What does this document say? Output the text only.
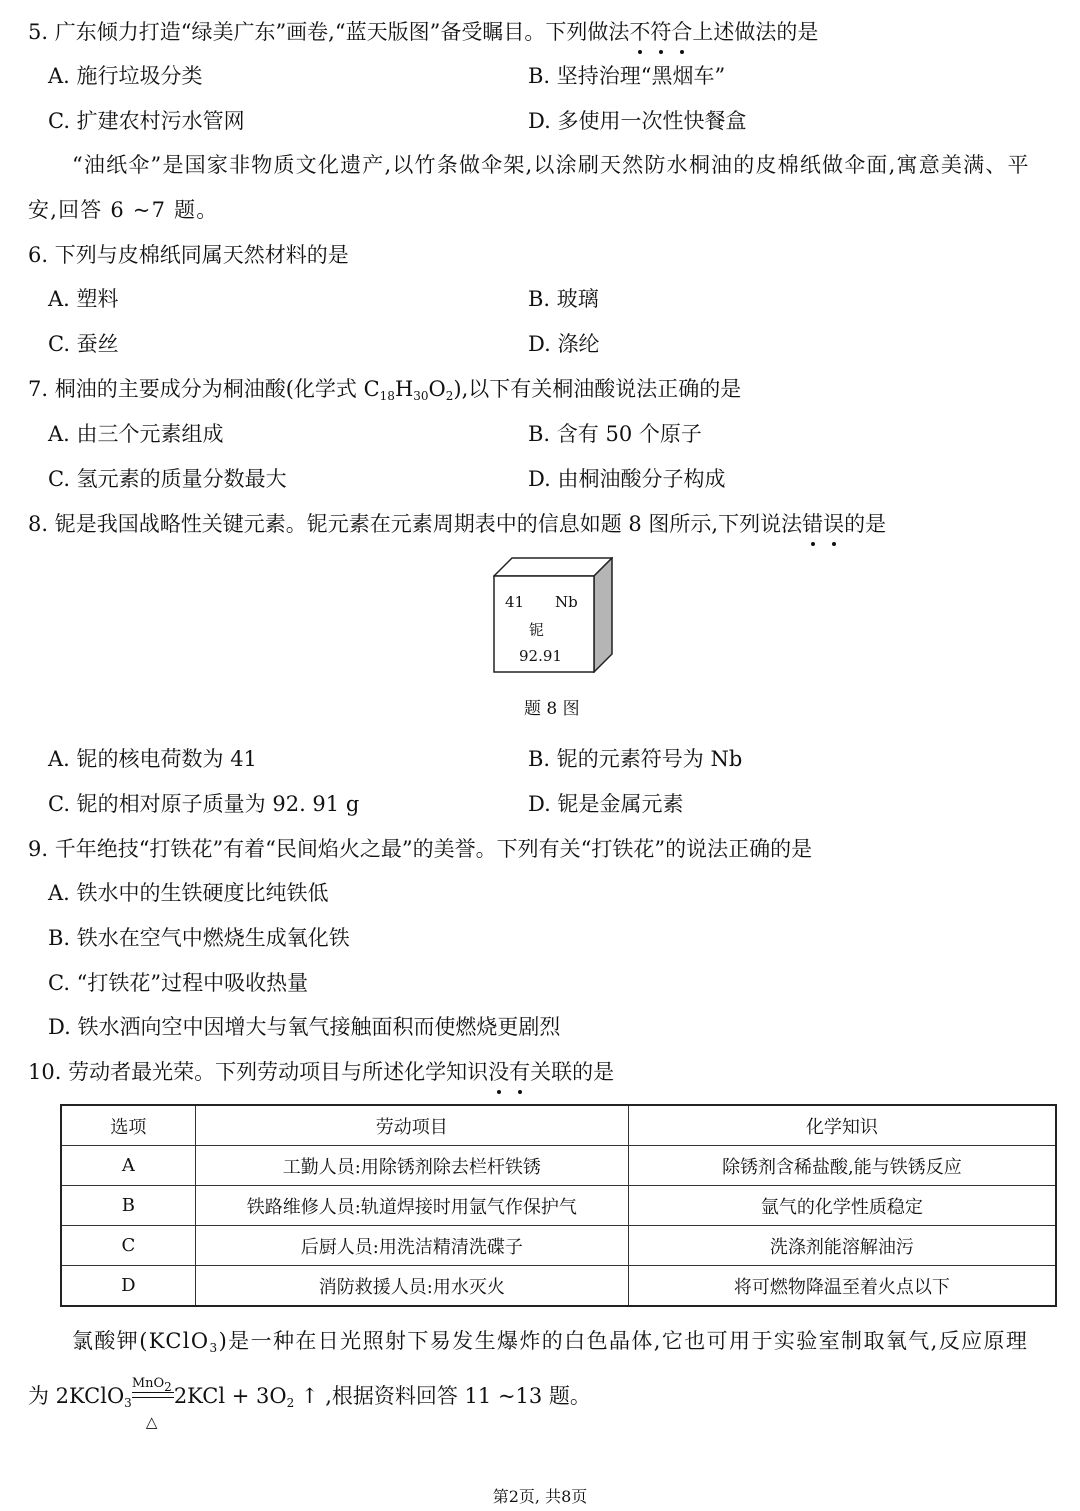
5. 广东倾力打造“绿美广东”画卷,“蓝天版图”备受瞩目。下列做法不符合上述做法的是
A. 施行垃圾分类	B. 坚持治理“黑烟车”
C. 扩建农村污水管网	D. 多使用一次性快餐盒
“油纸伞”是国家非物质文化遗产,以竹条做伞架,以涂刷天然防水桐油的皮棉纸做伞面,寓意美满、平安,回答 6 ~7 题。
6. 下列与皮棉纸同属天然材料的是
A. 塑料	B. 玻璃
C. 蚕丝	D. 涤纶
7. 桐油的主要成分为桐油酸(化学式 $C_{18}H_{30}O_2$),以下有关桐油酸说法正确的是
A. 由三个元素组成	B. 含有 50 个原子
C. 氢元素的质量分数最大	D. 由桐油酸分子构成
8. 铌是我国战略性关键元素。铌元素在元素周期表中的信息如题 8 图所示,下列说法错误的是
41 Nb
铌
92.91
题 8 图
A. 铌的核电荷数为 41	B. 铌的元素符号为 Nb
C. 铌的相对原子质量为 92. 91 g	D. 铌是金属元素
9. 千年绝技“打铁花”有着“民间焰火之最”的美誉。下列有关“打铁花”的说法正确的是
A. 铁水中的生铁硬度比纯铁低
B. 铁水在空气中燃烧生成氧化铁
C. “打铁花”过程中吸收热量
D. 铁水洒向空中因增大与氧气接触面积而使燃烧更剧烈
10. 劳动者最光荣。下列劳动项目与所述化学知识没有关联的是
选项	劳动项目	化学知识
A	工勤人员:用除锈剂除去栏杆铁锈	除锈剂含稀盐酸,能与铁锈反应
B	铁路维修人员:轨道焊接时用氩气作保护气	氩气的化学性质稳定
C	后厨人员:用洗洁精清洗碟子	洗涤剂能溶解油污
D	消防救援人员:用水灭火	将可燃物降温至着火点以下
氯酸钾(KClO$_3$)是一种在日光照射下易发生爆炸的白色晶体,它也可用于实验室制取氧气,反应原理
为 2KClO$_3$
MnO$_2$
△
$2KCl + 3O_2$ ↑ ,根据资料回答 11 ~13 题。
第2页, 共8页
